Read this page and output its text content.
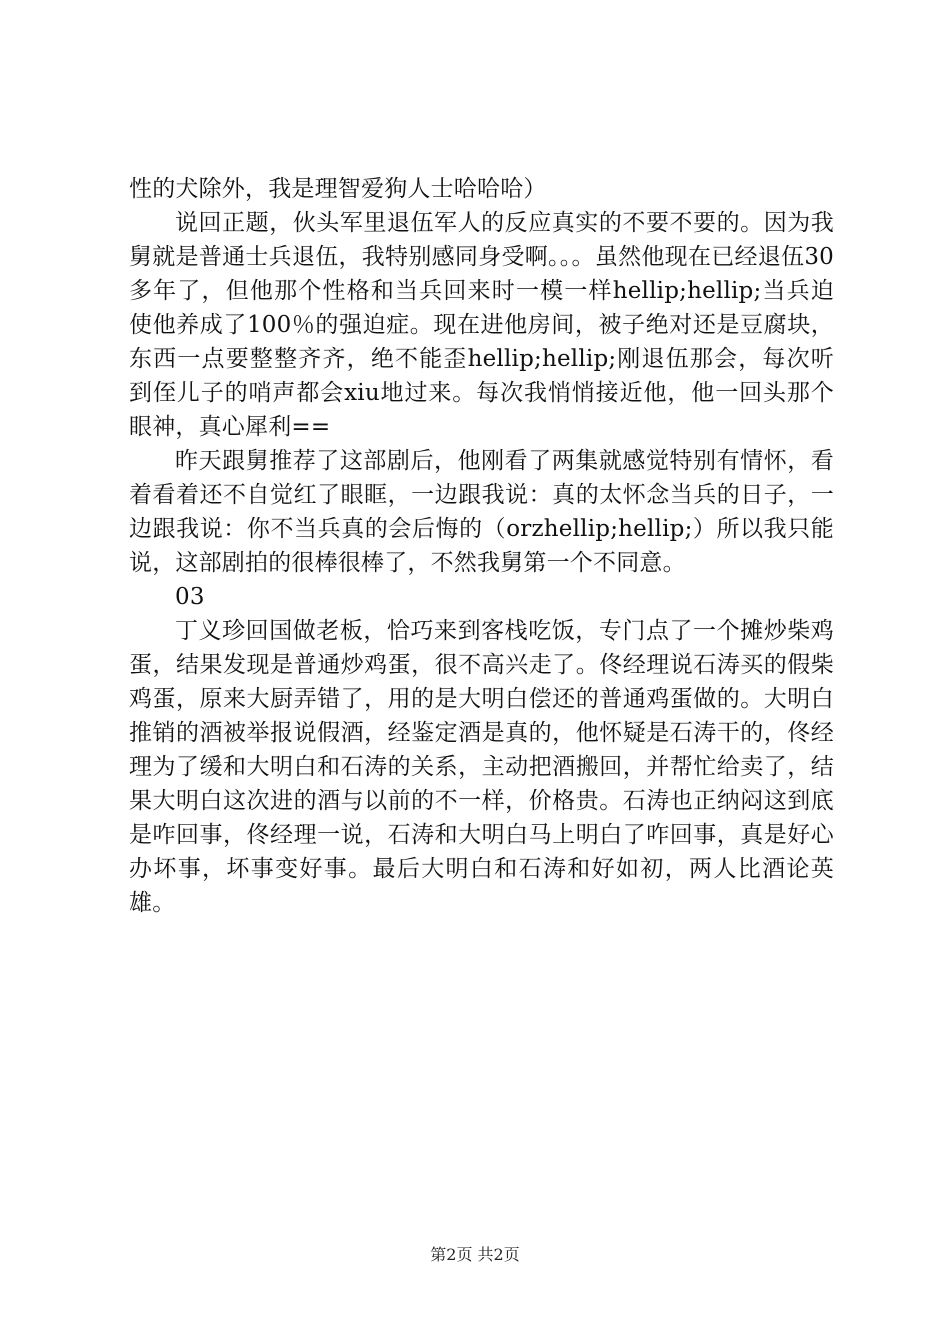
性的犬除外，我是理智爱狗人士哈哈哈）

说回正题，伙头军里退伍军人的反应真实的不要不要的。因为我舅就是普通士兵退伍，我特别感同身受啊。。。虽然他现在已经退伍30多年了，但他那个性格和当兵回来时一模一样hellip;hellip;当兵迫使他养成了100％的强迫症。现在进他房间，被子绝对还是豆腐块，东西一点要整整齐齐，绝不能歪hellip;hellip;刚退伍那会，每次听到侄儿子的哨声都会xiu地过来。每次我悄悄接近他，他一回头那个眼神，真心犀利==

昨天跟舅推荐了这部剧后，他刚看了两集就感觉特别有情怀，看着看着还不自觉红了眼眶，一边跟我说：真的太怀念当兵的日子，一边跟我说：你不当兵真的会后悔的（orzhellip;hellip;）所以我只能说，这部剧拍的很棒很棒了，不然我舅第一个不同意。

03

丁义珍回国做老板，恰巧来到客栈吃饭，专门点了一个摊炒柴鸡蛋，结果发现是普通炒鸡蛋，很不高兴走了。佟经理说石涛买的假柴鸡蛋，原来大厨弄错了，用的是大明白偿还的普通鸡蛋做的。大明白推销的酒被举报说假酒，经鉴定酒是真的，他怀疑是石涛干的，佟经理为了缓和大明白和石涛的关系，主动把酒搬回，并帮忙给卖了，结果大明白这次进的酒与以前的不一样，价格贵。石涛也正纳闷这到底是咋回事，佟经理一说，石涛和大明白马上明白了咋回事，真是好心办坏事，坏事变好事。最后大明白和石涛和好如初，两人比酒论英雄。

第2页 共2页
